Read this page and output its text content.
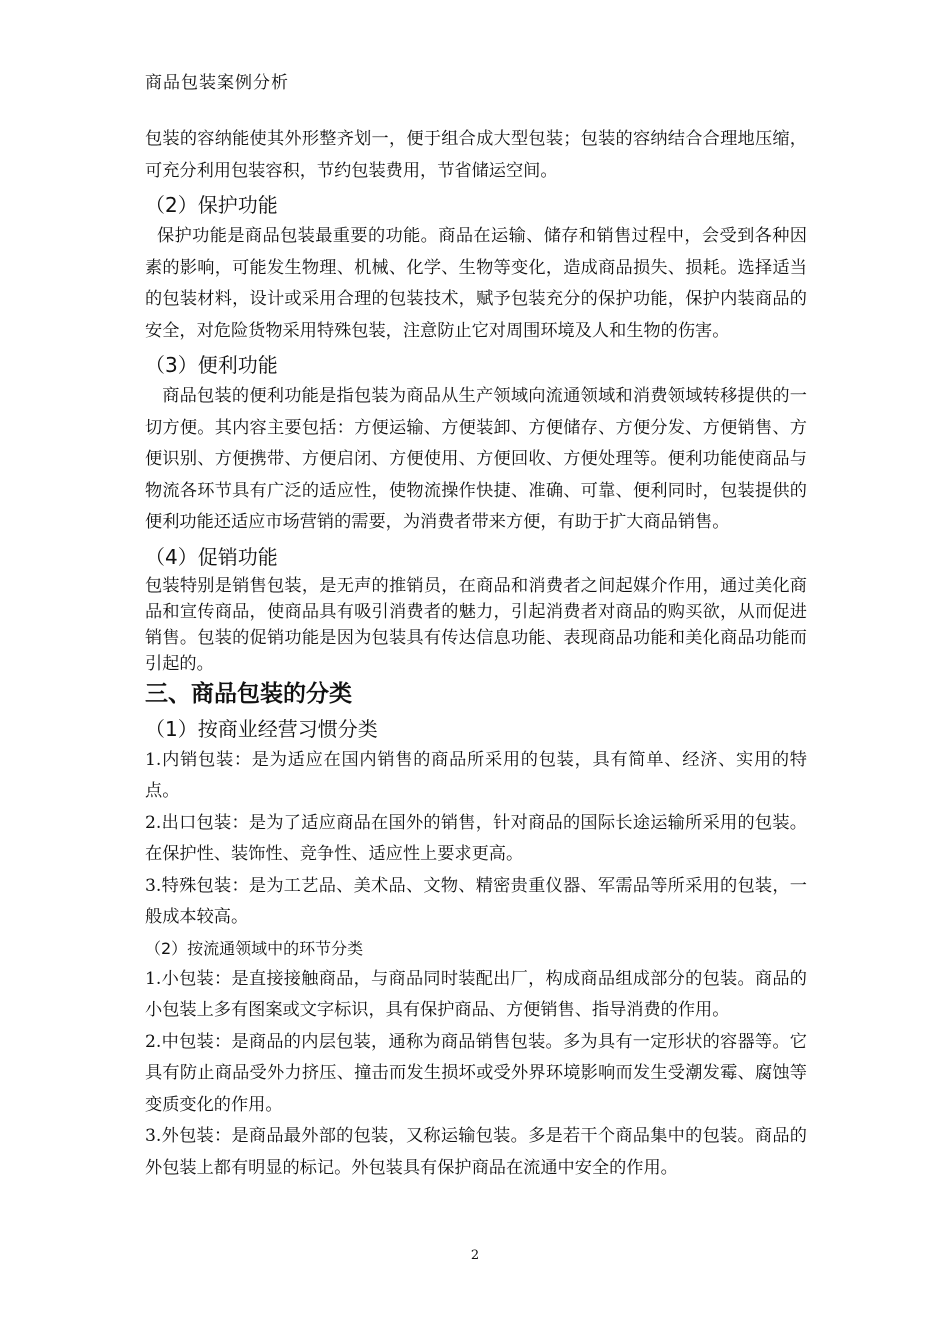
商品包装案例分析

包装的容纳能使其外形整齐划一，便于组合成大型包装；包装的容纳结合合理地压缩，可充分利用包装容积，节约包装费用，节省储运空间。

（2）保护功能

保护功能是商品包装最重要的功能。商品在运输、储存和销售过程中，会受到各种因素的影响，可能发生物理、机械、化学、生物等变化，造成商品损失、损耗。选择适当的包装材料，设计或采用合理的包装技术，赋予包装充分的保护功能，保护内装商品的安全，对危险货物采用特殊包装，注意防止它对周围环境及人和生物的伤害。

（3）便利功能

商品包装的便利功能是指包装为商品从生产领域向流通领域和消费领域转移提供的一切方便。其内容主要包括：方便运输、方便装卸、方便储存、方便分发、方便销售、方便识别、方便携带、方便启闭、方便使用、方便回收、方便处理等。便利功能使商品与物流各环节具有广泛的适应性，使物流操作快捷、准确、可靠、便利同时，包装提供的便利功能还适应市场营销的需要，为消费者带来方便，有助于扩大商品销售。

（4）促销功能

包装特别是销售包装，是无声的推销员，在商品和消费者之间起媒介作用，通过美化商品和宣传商品，使商品具有吸引消费者的魅力，引起消费者对商品的购买欲，从而促进销售。包装的促销功能是因为包装具有传达信息功能、表现商品功能和美化商品功能而引起的。

三、商品包装的分类
（1）按商业经营习惯分类

1.内销包装：是为适应在国内销售的商品所采用的包装，具有简单、经济、实用的特点。

2.出口包装：是为了适应商品在国外的销售，针对商品的国际长途运输所采用的包装。在保护性、装饰性、竞争性、适应性上要求更高。

3.特殊包装：是为工艺品、美术品、文物、精密贵重仪器、军需品等所采用的包装，一般成本较高。

（2）按流通领域中的环节分类

1.小包装：是直接接触商品，与商品同时装配出厂，构成商品组成部分的包装。商品的小包装上多有图案或文字标识，具有保护商品、方便销售、指导消费的作用。

2.中包装：是商品的内层包装，通称为商品销售包装。多为具有一定形状的容器等。它具有防止商品受外力挤压、撞击而发生损坏或受外界环境影响而发生受潮发霉、腐蚀等变质变化的作用。

3.外包装：是商品最外部的包装，又称运输包装。多是若干个商品集中的包装。商品的外包装上都有明显的标记。外包装具有保护商品在流通中安全的作用。

2
